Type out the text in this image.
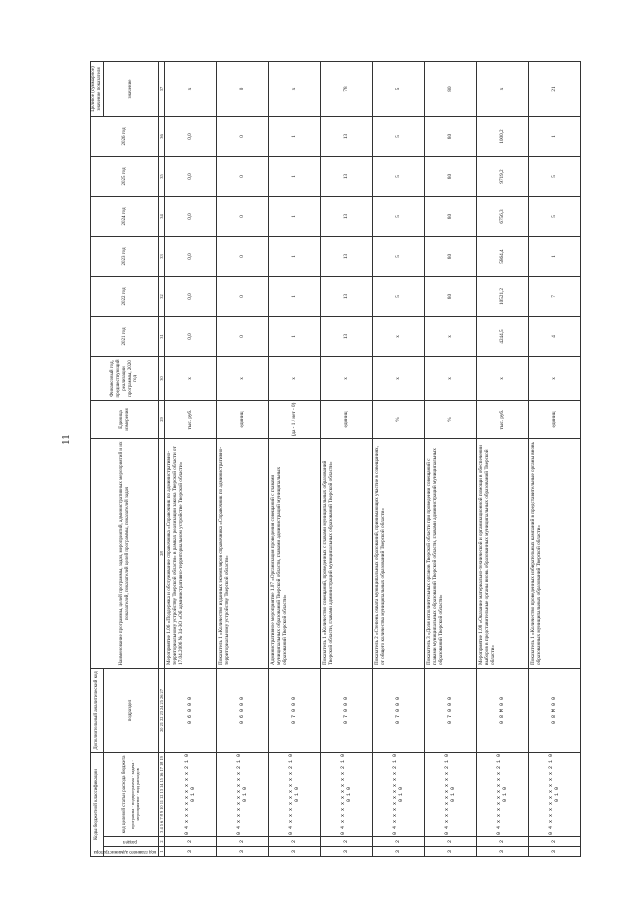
11
Коды бюджетной классификации			Дополнительный аналитический код	Наименование программы, целей программы, задач, мероприятий, административных мероприятий и их показателей, показателей целей программы, показателей задач	Единица измерения	Финансовый год, предшествующий реализации программы, 2020 год	2021 год	2022 год	2023 год	2024 год	2025 год	2026 год	Целевое (суммарное) значение показателя
код главного администратора	раздел	код целевой статьи расхода бюджета программа · подпрограмма · задача · мероприятие · вид расходов	подраздел										значение
1	2	3 4 5 6 7 8 9 10 11 12 13 14 15 16 17 18 19	20 21 22 23 24 25 26 27	28	29	30	31	32	33	34	35	36	37
3	2	0 4 х х х х х х х х х 2 1 0 0 1 0	0 6 0 0 0	Мероприятие 1.06 «Поддержка и обслуживание справочника «Справочник по административно-территориальному устройству Тверской области» в рамках реализации закона Тверской области от 17.04.2006 № 34-ЗО «Об административно-территориальном устройстве Тверской области»	тыс. руб.	х	0,0	0,0	0,0	0,0	0,0	0,0	х
3	2	0 4 х х х х х х х х х 2 1 0 0 1 0	0 6 0 0 0	Показатель 1 «Количество изданных экземпляров справочника «Справочник по административно-территориальному устройству Тверской области»	единиц	х	0	0	0	0	0	0	0
3	2	0 4 х х х х х х х х х 2 1 0 0 1 0	0 7 0 0 0	Административное мероприятие 1.07 «Организация проведения совещаний с главами муниципальных образований Тверской области, главами администраций муниципальных образований Тверской области»	(да - 1 / нет - 0)	х	1	1	1	1	1	1	х
3	2	0 4 х х х х х х х х х 2 1 0 0 1 0	0 7 0 0 0	Показатель 1 «Количество совещаний, проведенных с главами муниципальных образований Тверской области, главами администраций муниципальных образований Тверской области»	единиц	х	13	13	13	13	13	13	78
3	2	0 4 х х х х х х х х х 2 1 0 0 1 0	0 7 0 0 0	Показатель 2 «Степень охвата муниципальных образований, принимающих участие в совещаниях, от общего количества муниципальных образований Тверской области»	%	х	х	5	5	5	5	5	5
3	2	0 4 х х х х х х х х х 2 1 0 0 1 0	0 7 0 0 0	Показатель 3 «Доля исполнительных органов Тверской области при проведении совещаний с главами муниципальных образований Тверской области, главами администраций муниципальных образований Тверской области»	%	х	х	80	80	80	80	80	80
3	2	0 4 х х х х х х х х х 2 1 0 0 1 0	0 8 М 0 0	Мероприятие 1.08 «Оказание материально-технической и организационной помощи в обеспечении выборов в представительные органы вновь образованных муниципальных образований Тверской области»	тыс. руб.	х	4244,5	10521,2	5864,4	6756,3	9719,2	1000,2	х
3	2	0 4 х х х х х х х х х 2 1 0 0 1 0	0 8 М 0 0	Показатель 1 «Количество проведенных избирательных кампаний в представительные органы вновь образованных муниципальных образований Тверской области»	единиц	х	4	7	1	5	5	1	21
